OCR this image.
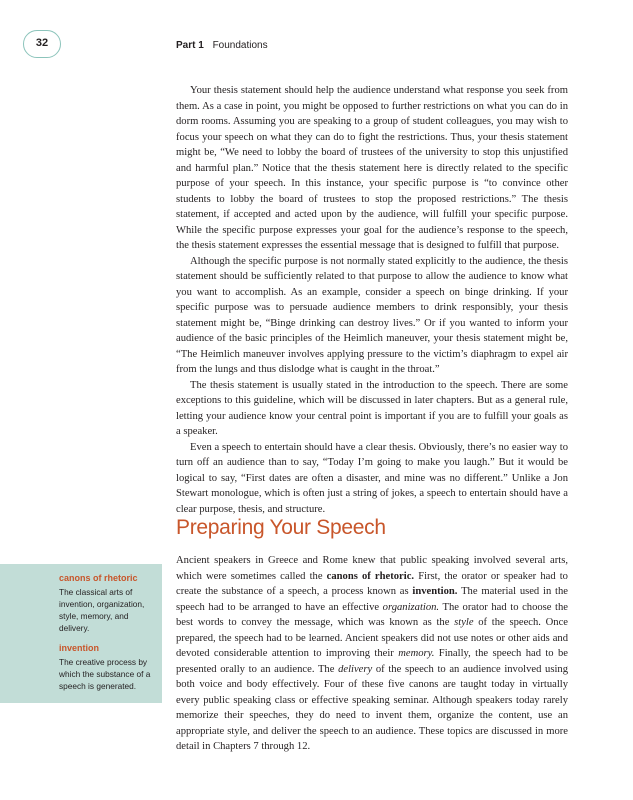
32	Part 1 Foundations

Your thesis statement should help the audience understand what response you seek from them. As a case in point, you might be opposed to further restrictions on what you can do in dorm rooms. Assuming you are speaking to a group of student colleagues, you may wish to focus your speech on what they can do to fight the restrictions. Thus, your thesis statement might be, “We need to lobby the board of trustees of the university to stop this unjustified and harmful plan.” Notice that the thesis statement here is directly related to the specific purpose of your speech. In this instance, your specific purpose is “to convince other students to lobby the board of trustees to stop the proposed restrictions.” The thesis statement, if accepted and acted upon by the audience, will fulfill your specific purpose. While the specific purpose expresses your goal for the audience’s response to the speech, the thesis statement expresses the essential message that is designed to fulfill that purpose.

Although the specific purpose is not normally stated explicitly to the audience, the thesis statement should be sufficiently related to that purpose to allow the audience to know what you want to accomplish. As an example, consider a speech on binge drinking. If your specific purpose was to persuade audience members to drink responsibly, your thesis statement might be, “Binge drinking can destroy lives.” Or if you wanted to inform your audience of the basic principles of the Heimlich maneuver, your thesis statement might be, “The Heimlich maneuver involves applying pressure to the victim’s diaphragm to expel air from the lungs and thus dislodge what is caught in the throat.”

The thesis statement is usually stated in the introduction to the speech. There are some exceptions to this guideline, which will be discussed in later chapters. But as a general rule, letting your audience know your central point is important if you are to fulfill your goals as a speaker.

Even a speech to entertain should have a clear thesis. Obviously, there’s no easier way to turn off an audience than to say, “Today I’m going to make you laugh.” But it would be logical to say, “First dates are often a disaster, and mine was no different.” Unlike a Jon Stewart monologue, which is often just a string of jokes, a speech to entertain should have a clear purpose, thesis, and structure.

Preparing Your Speech

Ancient speakers in Greece and Rome knew that public speaking involved several arts, which were sometimes called the canons of rhetoric. First, the orator or speaker had to create the substance of a speech, a process known as invention. The material used in the speech had to be arranged to have an effective organization. The orator had to choose the best words to convey the message, which was known as the style of the speech. Once prepared, the speech had to be learned. Ancient speakers did not use notes or other aids and devoted considerable attention to improving their memory. Finally, the speech had to be presented orally to an audience. The delivery of the speech to an audience involved using both voice and body effectively. Four of these five canons are taught today in virtually every public speaking class or effective speaking seminar. Although speakers today rarely memorize their speeches, they do need to invent them, organize the content, use an appropriate style, and deliver the speech to an audience. These topics are discussed in more detail in Chapters 7 through 12.

canons of rhetoric
The classical arts of invention, organization, style, memory, and delivery.
invention
The creative process by which the substance of a speech is generated.
